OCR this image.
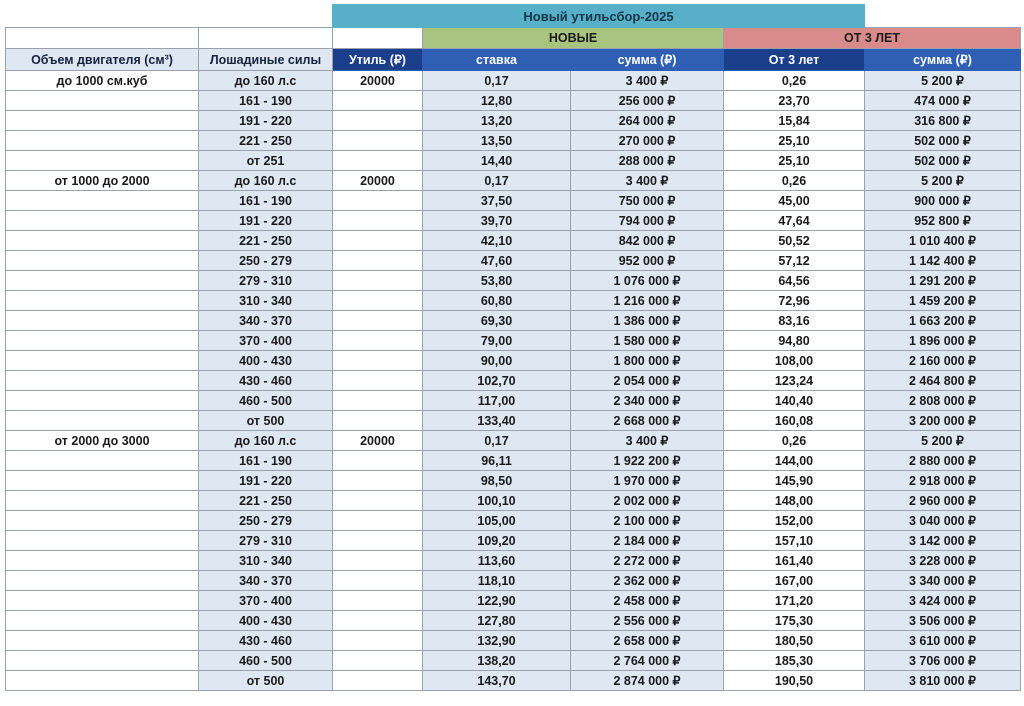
		Новый утильсбор-2025				
			НОВЫЕ		ОТ 3 ЛЕТ	
Объем двигателя (см³)	Лошадиные силы	Утиль (₽)	ставка	сумма (₽)	От 3 лет	сумма (₽)
до 1000 см.куб	до 160 л.с	20000	0,17	3 400 ₽	0,26	5 200 ₽
	161 - 190		12,80	256 000 ₽	23,70	474 000 ₽
	191 - 220		13,20	264 000 ₽	15,84	316 800 ₽
	221 - 250		13,50	270 000 ₽	25,10	502 000 ₽
	от 251		14,40	288 000 ₽	25,10	502 000 ₽
от 1000 до 2000	до 160 л.с	20000	0,17	3 400 ₽	0,26	5 200 ₽
	161 - 190		37,50	750 000 ₽	45,00	900 000 ₽
	191 - 220		39,70	794 000 ₽	47,64	952 800 ₽
	221 - 250		42,10	842 000 ₽	50,52	1 010 400 ₽
	250 - 279		47,60	952 000 ₽	57,12	1 142 400 ₽
	279 - 310		53,80	1 076 000 ₽	64,56	1 291 200 ₽
	310 - 340		60,80	1 216 000 ₽	72,96	1 459 200 ₽
	340 - 370		69,30	1 386 000 ₽	83,16	1 663 200 ₽
	370 - 400		79,00	1 580 000 ₽	94,80	1 896 000 ₽
	400 - 430		90,00	1 800 000 ₽	108,00	2 160 000 ₽
	430 - 460		102,70	2 054 000 ₽	123,24	2 464 800 ₽
	460 - 500		117,00	2 340 000 ₽	140,40	2 808 000 ₽
	от 500		133,40	2 668 000 ₽	160,08	3 200 000 ₽
от 2000 до 3000	до 160 л.с	20000	0,17	3 400 ₽	0,26	5 200 ₽
	161 - 190		96,11	1 922 200 ₽	144,00	2 880 000 ₽
	191 - 220		98,50	1 970 000 ₽	145,90	2 918 000 ₽
	221 - 250		100,10	2 002 000 ₽	148,00	2 960 000 ₽
	250 - 279		105,00	2 100 000 ₽	152,00	3 040 000 ₽
	279 - 310		109,20	2 184 000 ₽	157,10	3 142 000 ₽
	310 - 340		113,60	2 272 000 ₽	161,40	3 228 000 ₽
	340 - 370		118,10	2 362 000 ₽	167,00	3 340 000 ₽
	370 - 400		122,90	2 458 000 ₽	171,20	3 424 000 ₽
	400 - 430		127,80	2 556 000 ₽	175,30	3 506 000 ₽
	430 - 460		132,90	2 658 000 ₽	180,50	3 610 000 ₽
	460 - 500		138,20	2 764 000 ₽	185,30	3 706 000 ₽
	от 500		143,70	2 874 000 ₽	190,50	3 810 000 ₽
